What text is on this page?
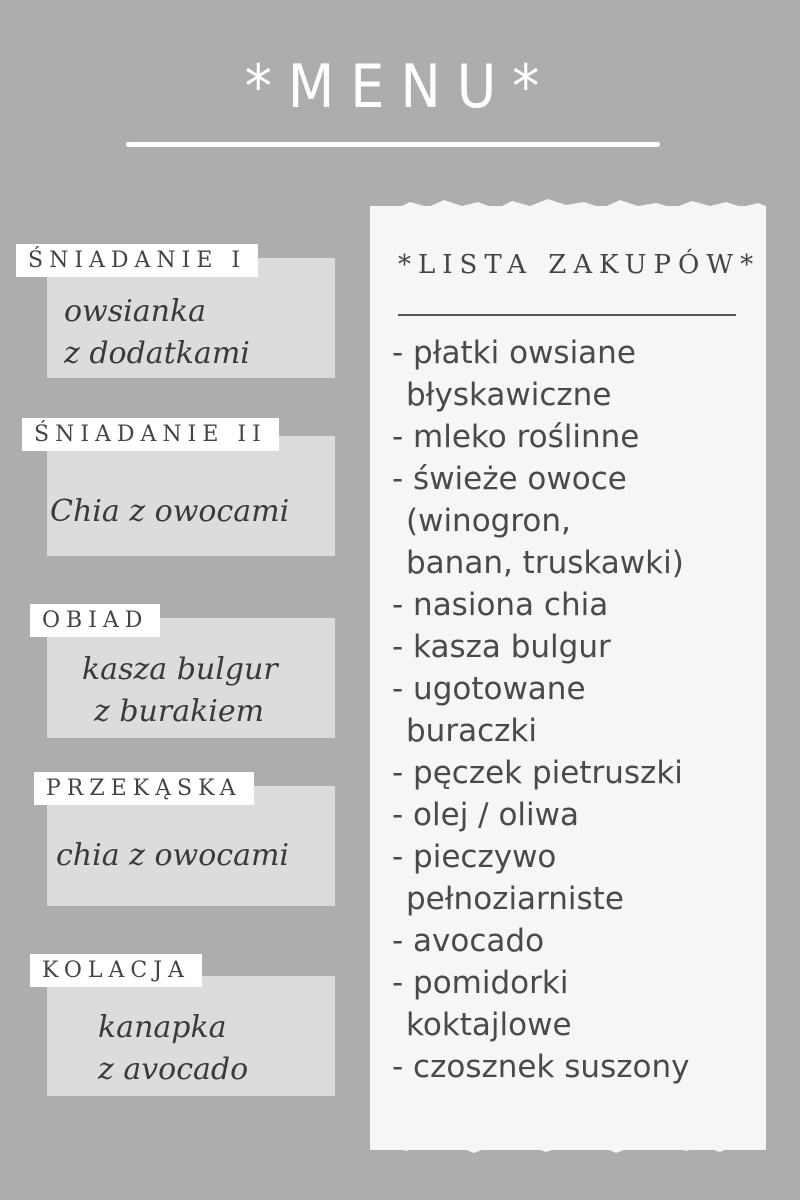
*MENU*
ŚNIADANIE I
owsianka
z dodatkami
ŚNIADANIE II
Chia z owocami
OBIAD
kasza bulgur
z burakiem
PRZEKĄSKA
chia z owocami
KOLACJA
kanapka
z avocado
*LISTA ZAKUPÓW*
- płatki owsiane
błyskawiczne
- mleko roślinne
- świeże owoce
(winogron,
banan, truskawki)
- nasiona chia
- kasza bulgur
- ugotowane
buraczki
- pęczek pietruszki
- olej / oliwa
- pieczywo
pełnoziarniste
- avocado
- pomidorki
koktajlowe
- czosznek suszony
